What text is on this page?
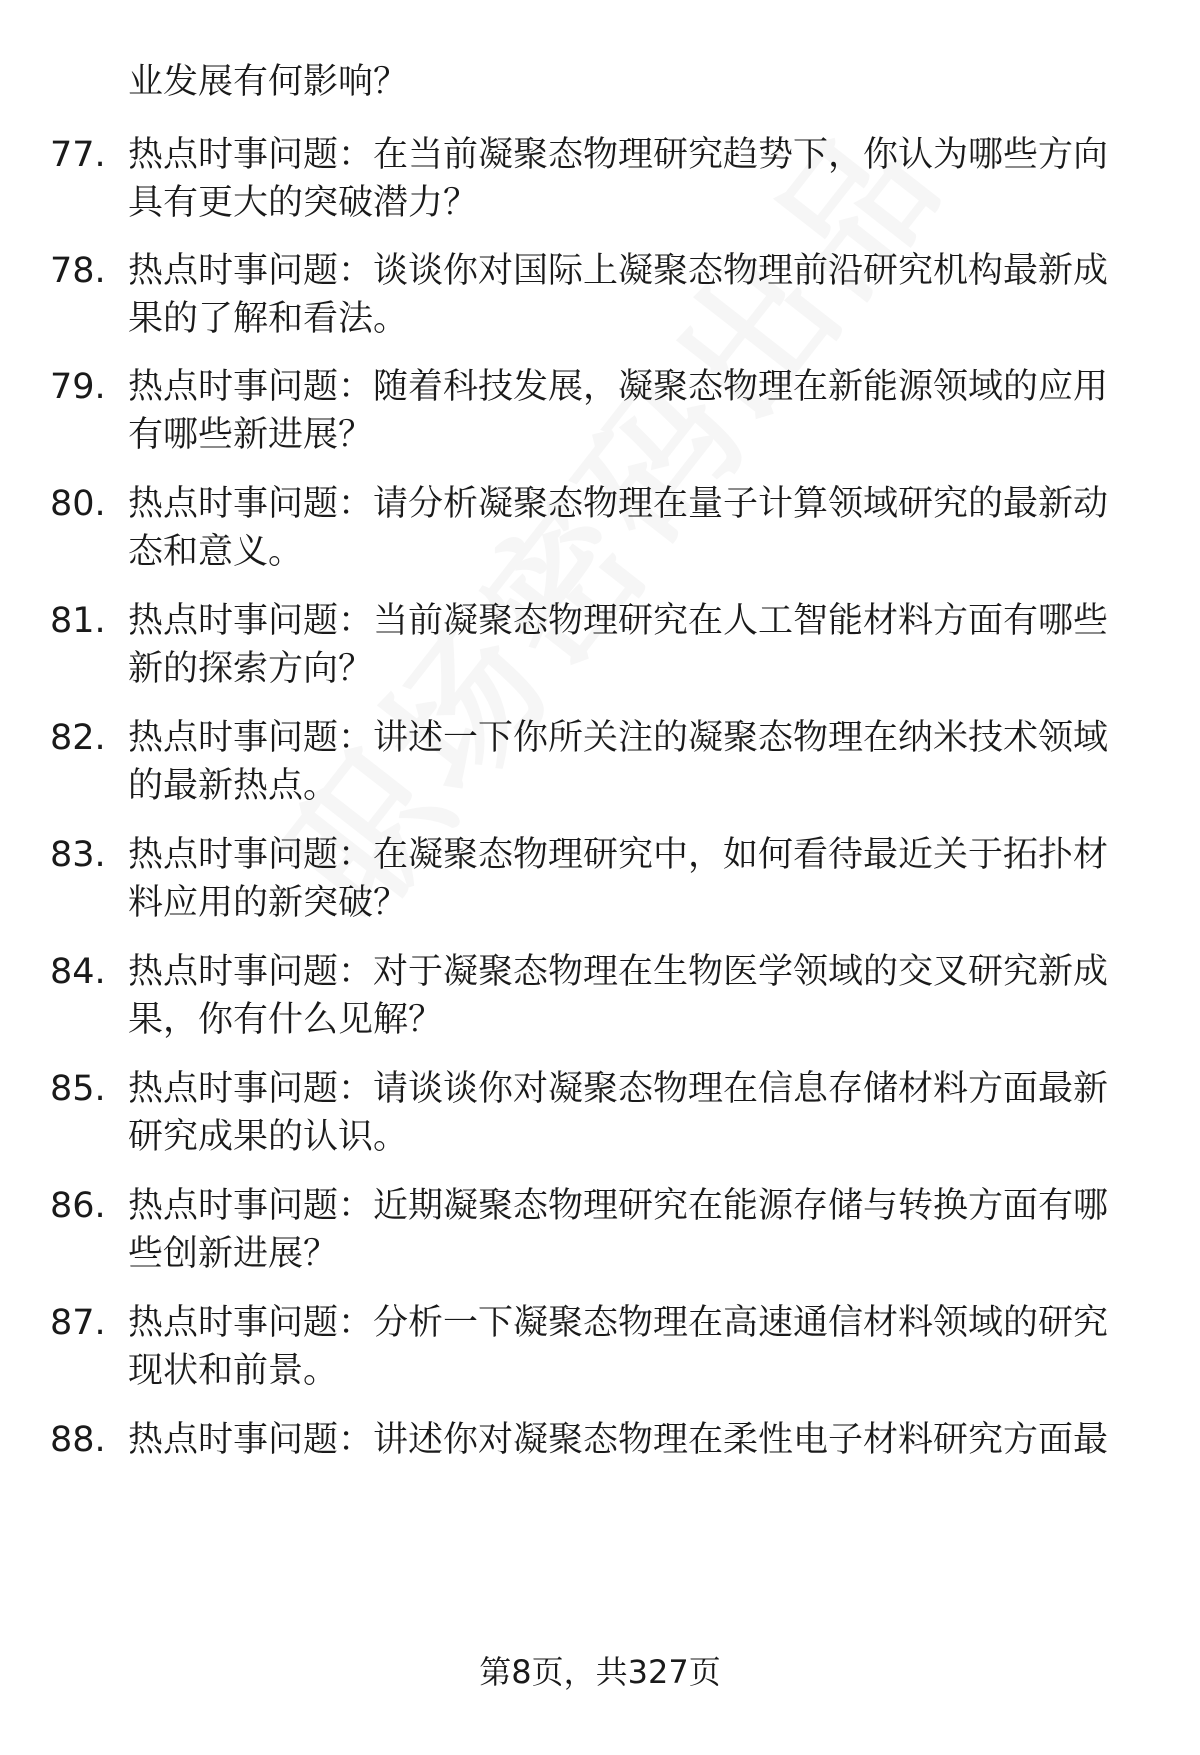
业发展有何影响？
77. 热点时事问题：在当前凝聚态物理研究趋势下，你认为哪些方向
具有更大的突破潜力？
78. 热点时事问题：谈谈你对国际上凝聚态物理前沿研究机构最新成
果的了解和看法。
79. 热点时事问题：随着科技发展，凝聚态物理在新能源领域的应用
有哪些新进展？
80. 热点时事问题：请分析凝聚态物理在量子计算领域研究的最新动
态和意义。
81. 热点时事问题：当前凝聚态物理研究在人工智能材料方面有哪些
新的探索方向？
82. 热点时事问题：讲述一下你所关注的凝聚态物理在纳米技术领域
的最新热点。
83. 热点时事问题：在凝聚态物理研究中，如何看待最近关于拓扑材
料应用的新突破？
84. 热点时事问题：对于凝聚态物理在生物医学领域的交叉研究新成
果，你有什么见解？
85. 热点时事问题：请谈谈你对凝聚态物理在信息存储材料方面最新
研究成果的认识。
86. 热点时事问题：近期凝聚态物理研究在能源存储与转换方面有哪
些创新进展？
87. 热点时事问题：分析一下凝聚态物理在高速通信材料领域的研究
现状和前景。
88. 热点时事问题：讲述你对凝聚态物理在柔性电子材料研究方面最
第8页，共327页
